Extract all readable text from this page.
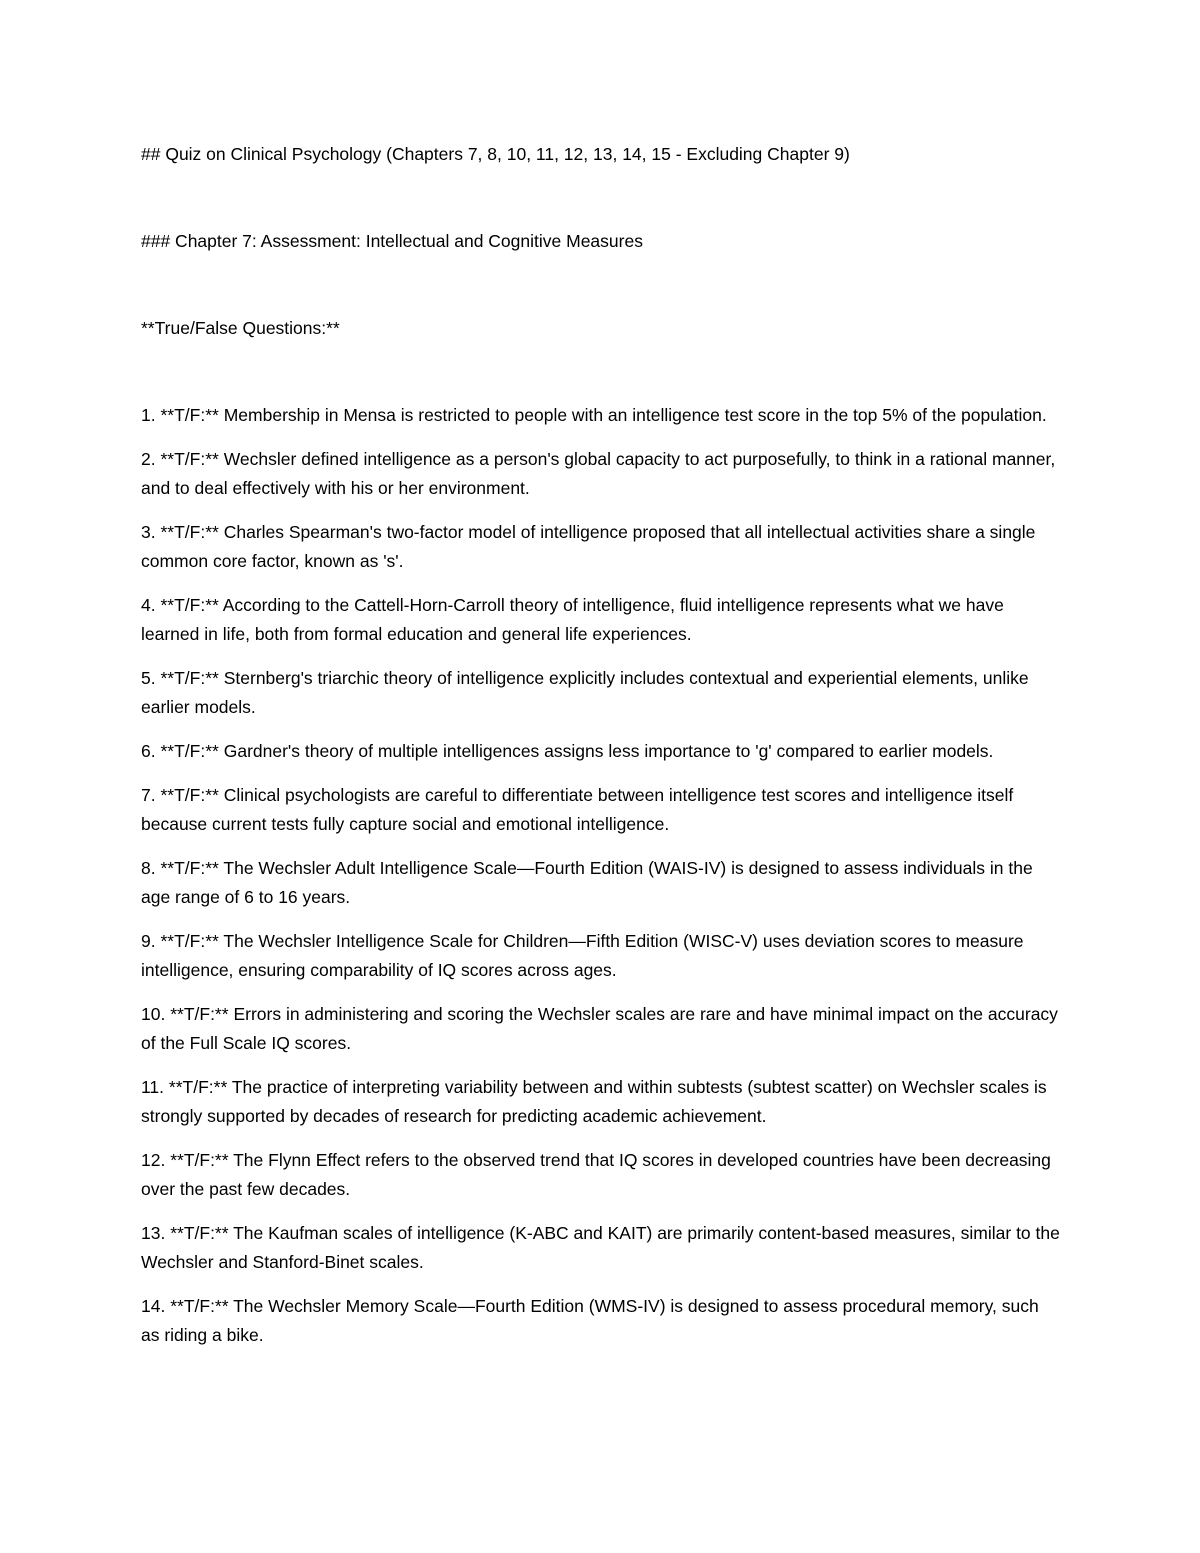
## Quiz on Clinical Psychology (Chapters 7, 8, 10, 11, 12, 13, 14, 15 - Excluding Chapter 9)

### Chapter 7: Assessment: Intellectual and Cognitive Measures

**True/False Questions:**

1. **T/F:** Membership in Mensa is restricted to people with an intelligence test score in the top 5% of the population.
2. **T/F:** Wechsler defined intelligence as a person's global capacity to act purposefully, to think in a rational manner, and to deal effectively with his or her environment.
3. **T/F:** Charles Spearman's two-factor model of intelligence proposed that all intellectual activities share a single common core factor, known as 's'.
4. **T/F:** According to the Cattell-Horn-Carroll theory of intelligence, fluid intelligence represents what we have learned in life, both from formal education and general life experiences.
5. **T/F:** Sternberg's triarchic theory of intelligence explicitly includes contextual and experiential elements, unlike earlier models.
6. **T/F:** Gardner's theory of multiple intelligences assigns less importance to 'g' compared to earlier models.
7. **T/F:** Clinical psychologists are careful to differentiate between intelligence test scores and intelligence itself because current tests fully capture social and emotional intelligence.
8. **T/F:** The Wechsler Adult Intelligence Scale—Fourth Edition (WAIS-IV) is designed to assess individuals in the age range of 6 to 16 years.
9. **T/F:** The Wechsler Intelligence Scale for Children—Fifth Edition (WISC-V) uses deviation scores to measure intelligence, ensuring comparability of IQ scores across ages.
10. **T/F:** Errors in administering and scoring the Wechsler scales are rare and have minimal impact on the accuracy of the Full Scale IQ scores.
11. **T/F:** The practice of interpreting variability between and within subtests (subtest scatter) on Wechsler scales is strongly supported by decades of research for predicting academic achievement.
12. **T/F:** The Flynn Effect refers to the observed trend that IQ scores in developed countries have been decreasing over the past few decades.
13. **T/F:** The Kaufman scales of intelligence (K-ABC and KAIT) are primarily content-based measures, similar to the Wechsler and Stanford-Binet scales.
14. **T/F:** The Wechsler Memory Scale—Fourth Edition (WMS-IV) is designed to assess procedural memory, such as riding a bike.
